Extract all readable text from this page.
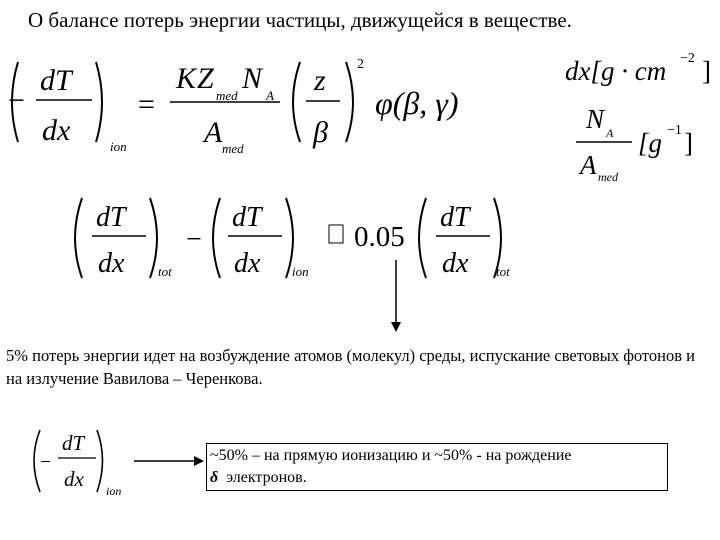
О балансе потерь энергии частицы, движущейся в веществе.
−
dT
dx	ion
=
K Z
med
N
A
A med
z
β
2
φ(β, γ)
dx[g · cm −2 ]
N A
A med
[g −1 ]
dT
dx	tot
−
dT
dx ion
0.05
dT
dx tot
−
dT
dx ion
5% потерь энергии идет на возбуждение атомов (молекул) среды, испускание световых фотонов и на излучение Вавилова – Черенкова.
~50% – на прямую ионизацию и ~50% - на рождение
δ электронов.
